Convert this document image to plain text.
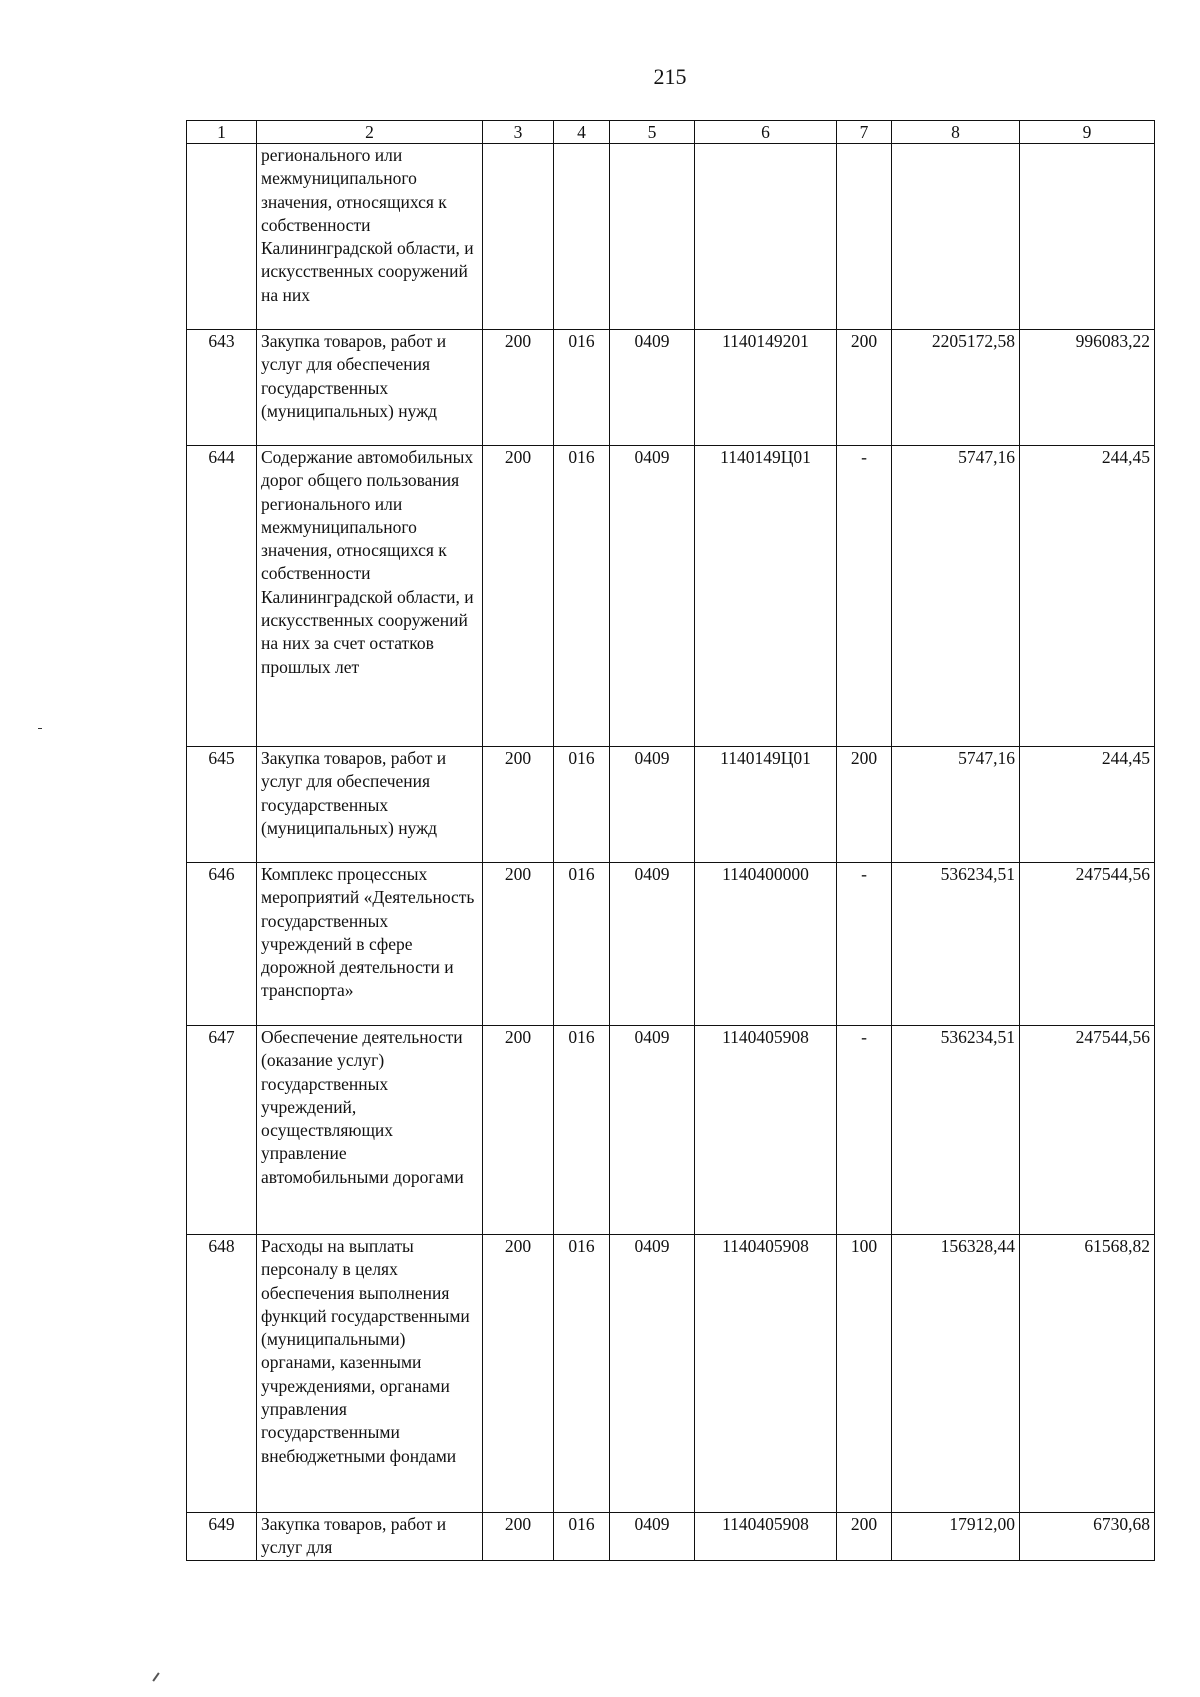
215
1	2	3	4	5	6	7	8	9
	регионального или межмуниципального значения, относящихся к собственности Калининградской области, и искусственных сооружений на них							
643	Закупка товаров, работ и услуг для обеспечения государственных (муниципальных) нужд	200	016	0409	1140149201	200	2205172,58	996083,22
644	Содержание автомобильных дорог общего пользования регионального или межмуниципального значения, относящихся к собственности Калининградской области, и искусственных сооружений на них за счет остатков прошлых лет	200	016	0409	1140149Ц01	-	5747,16	244,45
645	Закупка товаров, работ и услуг для обеспечения государственных (муниципальных) нужд	200	016	0409	1140149Ц01	200	5747,16	244,45
646	Комплекс процессных мероприятий «Деятельность государственных учреждений в сфере дорожной деятельности и транспорта»	200	016	0409	1140400000	-	536234,51	247544,56
647	Обеспечение деятельности (оказание услуг) государственных учреждений, осуществляющих управление автомобильными дорогами	200	016	0409	1140405908	-	536234,51	247544,56
648	Расходы на выплаты персоналу в целях обеспечения выполнения функций государственными (муниципальными) органами, казенными учреждениями, органами управления государственными внебюджетными фондами	200	016	0409	1140405908	100	156328,44	61568,82
649	Закупка товаров, работ и услуг для	200	016	0409	1140405908	200	17912,00	6730,68
